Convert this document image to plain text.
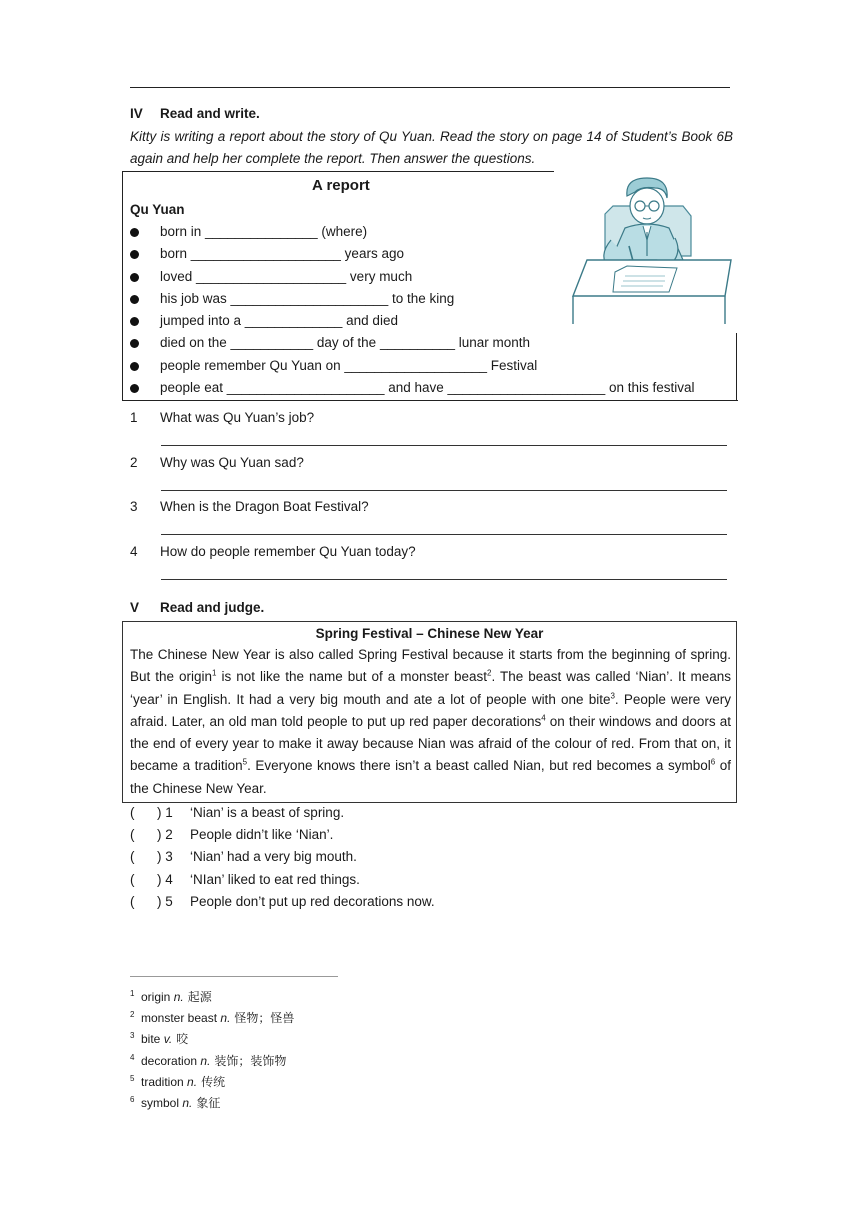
IV Read and write.
Kitty is writing a report about the story of Qu Yuan. Read the story on page 14 of Student’s Book 6B again and help her complete the report. Then answer the questions.
A report
Qu Yuan
born in _______________ (where)
born ____________________ years ago
loved ____________________ very much
his job was _____________________ to the king
jumped into a _____________ and died
died on the ___________ day of the __________ lunar month
people remember Qu Yuan on ___________________ Festival
people eat _____________________ and have _____________________ on this festival
1 What was Qu Yuan’s job?
2 Why was Qu Yuan sad?
3 When is the Dragon Boat Festival?
4 How do people remember Qu Yuan today?
V Read and judge.
Spring Festival – Chinese New Year
The Chinese New Year is also called Spring Festival because it starts from the beginning of spring. But the origin$^1$ is not like the name but of a monster beast$^2$. The beast was called ‘Nian’. It means ‘year’ in English. It had a very big mouth and ate a lot of people with one bite$^3$. People were very afraid. Later, an old man told people to put up red paper decorations$^4$ on their windows and doors at the end of every year to make it away because Nian was afraid of the colour of red. From that on, it became a tradition$^5$. Everyone knows there isn’t a beast called Nian, but red becomes a symbol$^6$ of the Chinese New Year.
( ) 1 ‘Nian’ is a beast of spring.
( ) 2 People didn’t like ‘Nian’.
( ) 3 ‘Nian’ had a very big mouth.
( ) 4 ‘NIan’ liked to eat red things.
( ) 5 People don’t put up red decorations now.
1 origin n. 起源
2 monster beast n. 怪物；怪兽
3 bite v. 咬
4 decoration n. 装饰；装饰物
5 tradition n. 传统
6 symbol n. 象征
